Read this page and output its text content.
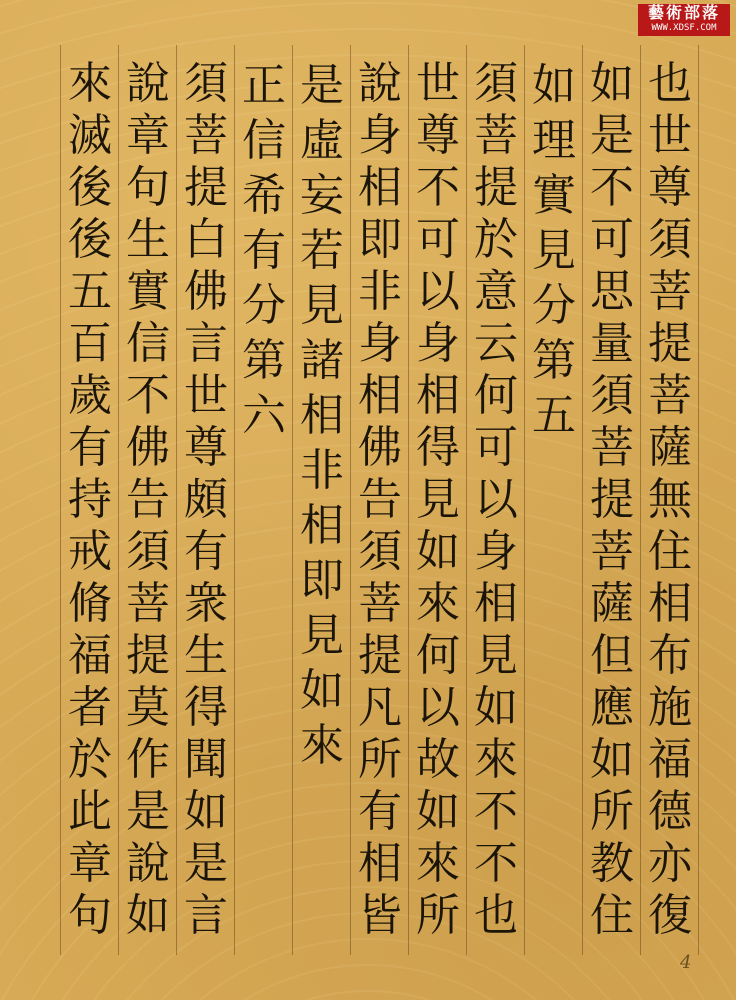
也世尊須菩提菩薩無住相布施福德亦復
如是不可思量須菩提菩薩但應如所教住
如理實見分第五
須菩提於意云何可以身相見如來不不也
世尊不可以身相得見如來何以故如來所
說身相即非身相佛告須菩提凡所有相皆
是虛妄若見諸相非相即見如來
正信希有分第六
須菩提白佛言世尊頗有衆生得聞如是言
說章句生實信不佛告須菩提莫作是說如
來滅後後五百歲有持戒脩福者於此章句
藝術部落
WWW.XDSF.COM
4
